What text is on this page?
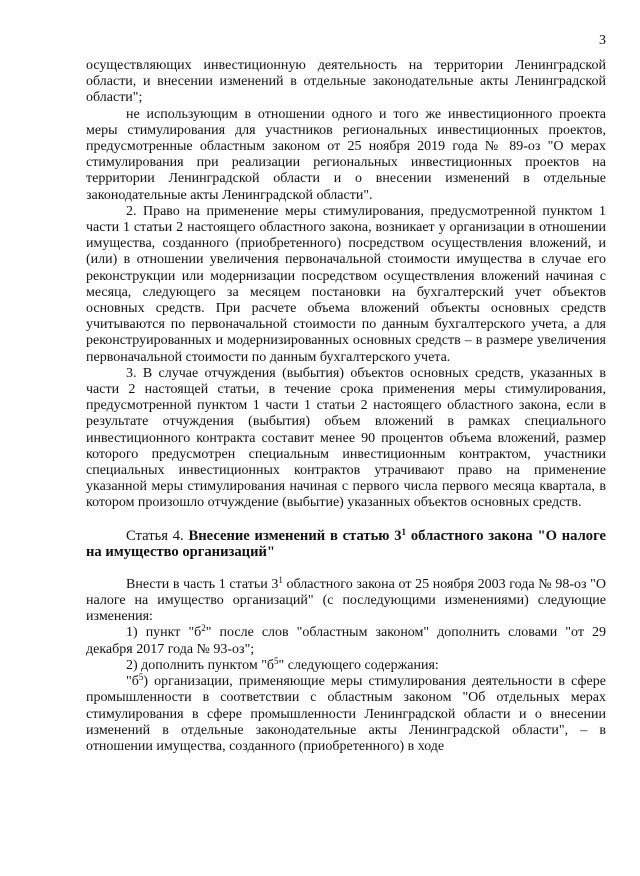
3

осуществляющих инвестиционную деятельность на территории Ленинградской области, и внесении изменений в отдельные законодательные акты Ленинградской области";

не использующим в отношении одного и того же инвестиционного проекта меры стимулирования для участников региональных инвестиционных проектов, предусмотренные областным законом от 25 ноября 2019 года № 89-оз "О мерах стимулирования при реализации региональных инвестиционных проектов на территории Ленинградской области и о внесении изменений в отдельные законодательные акты Ленинградской области".

2. Право на применение меры стимулирования, предусмотренной пунктом 1 части 1 статьи 2 настоящего областного закона, возникает у организации в отношении имущества, созданного (приобретенного) посредством осуществления вложений, и (или) в отношении увеличения первоначальной стоимости имущества в случае его реконструкции или модернизации посредством осуществления вложений начиная с месяца, следующего за месяцем постановки на бухгалтерский учет объектов основных средств. При расчете объема вложений объекты основных средств учитываются по первоначальной стоимости по данным бухгалтерского учета, а для реконструированных и модернизированных основных средств – в размере увеличения первоначальной стоимости по данным бухгалтерского учета.

3. В случае отчуждения (выбытия) объектов основных средств, указанных в части 2 настоящей статьи, в течение срока применения меры стимулирования, предусмотренной пунктом 1 части 1 статьи 2 настоящего областного закона, если в результате отчуждения (выбытия) объем вложений в рамках специального инвестиционного контракта составит менее 90 процентов объема вложений, размер которого предусмотрен специальным инвестиционным контрактом, участники специальных инвестиционных контрактов утрачивают право на применение указанной меры стимулирования начиная с первого числа первого месяца квартала, в котором произошло отчуждение (выбытие) указанных объектов основных средств.

Статья 4. Внесение изменений в статью $3^1$ областного закона "О налоге на имущество организаций"

Внести в часть 1 статьи $3^1$ областного закона от 25 ноября 2003 года № 98-оз "О налоге на имущество организаций" (с последующими изменениями) следующие изменения:

1) пункт "$б^2$" после слов "областным законом" дополнить словами "от 29 декабря 2017 года № 93-оз";

2) дополнить пунктом "$б^5$" следующего содержания:

"$б^5$) организации, применяющие меры стимулирования деятельности в сфере промышленности в соответствии с областным законом "Об отдельных мерах стимулирования в сфере промышленности Ленинградской области и о внесении изменений в отдельные законодательные акты Ленинградской области", – в отношении имущества, созданного (приобретенного) в ходе
